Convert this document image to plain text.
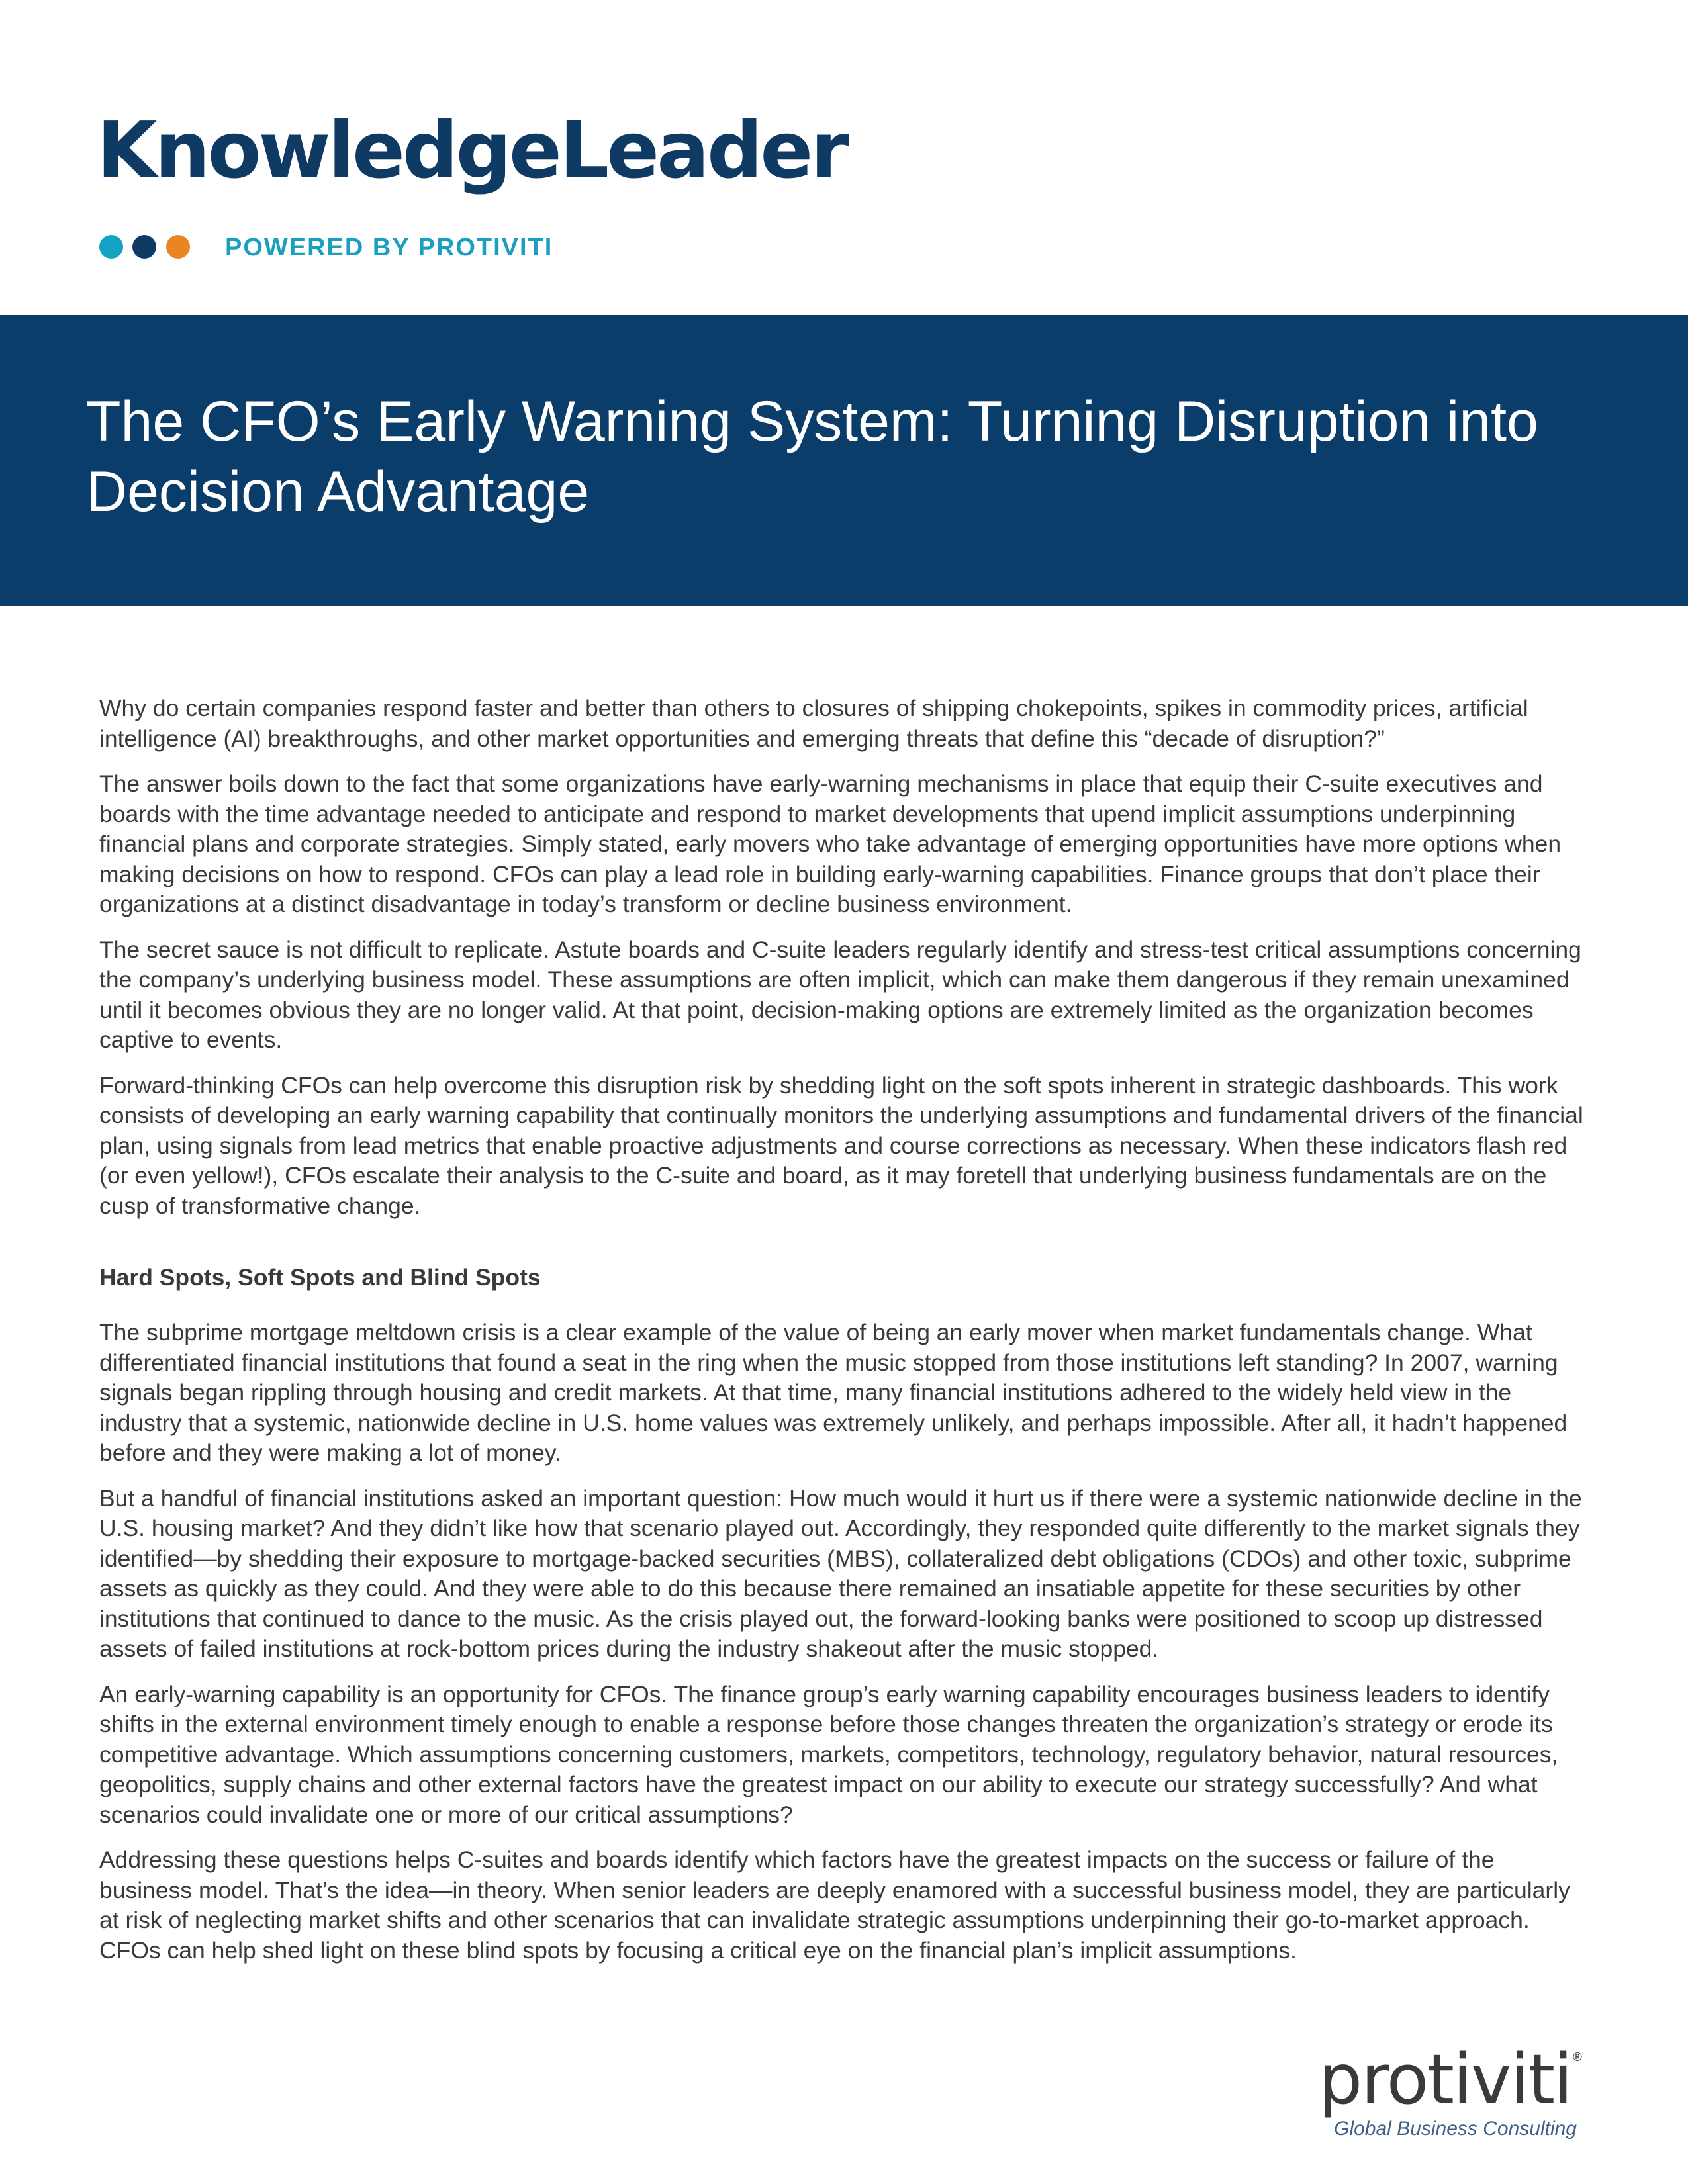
KnowledgeLeader

POWERED BY PROTIVITI
The CFO’s Early Warning System: Turning Disruption into Decision Advantage

Why do certain companies respond faster and better than others to closures of shipping chokepoints, spikes in commodity prices, artificial intelligence (AI) breakthroughs, and other market opportunities and emerging threats that define this “decade of disruption?”

The answer boils down to the fact that some organizations have early-warning mechanisms in place that equip their C-suite executives and boards with the time advantage needed to anticipate and respond to market developments that upend implicit assumptions underpinning financial plans and corporate strategies. Simply stated, early movers who take advantage of emerging opportunities have more options when making decisions on how to respond. CFOs can play a lead role in building early-warning capabilities. Finance groups that don’t place their organizations at a distinct disadvantage in today’s transform or decline business environment.

The secret sauce is not difficult to replicate. Astute boards and C-suite leaders regularly identify and stress-test critical assumptions concerning the company’s underlying business model. These assumptions are often implicit, which can make them dangerous if they remain unexamined until it becomes obvious they are no longer valid. At that point, decision-making options are extremely limited as the organization becomes captive to events.

Forward-thinking CFOs can help overcome this disruption risk by shedding light on the soft spots inherent in strategic dashboards. This work consists of developing an early warning capability that continually monitors the underlying assumptions and fundamental drivers of the financial plan, using signals from lead metrics that enable proactive adjustments and course corrections as necessary. When these indicators flash red (or even yellow!), CFOs escalate their analysis to the C-suite and board, as it may foretell that underlying business fundamentals are on the cusp of transformative change.

Hard Spots, Soft Spots and Blind Spots

The subprime mortgage meltdown crisis is a clear example of the value of being an early mover when market fundamentals change. What differentiated financial institutions that found a seat in the ring when the music stopped from those institutions left standing? In 2007, warning signals began rippling through housing and credit markets. At that time, many financial institutions adhered to the widely held view in the industry that a systemic, nationwide decline in U.S. home values was extremely unlikely, and perhaps impossible. After all, it hadn’t happened before and they were making a lot of money.

But a handful of financial institutions asked an important question: How much would it hurt us if there were a systemic nationwide decline in the U.S. housing market? And they didn’t like how that scenario played out. Accordingly, they responded quite differently to the market signals they identified—by shedding their exposure to mortgage-backed securities (MBS), collateralized debt obligations (CDOs) and other toxic, subprime assets as quickly as they could. And they were able to do this because there remained an insatiable appetite for these securities by other institutions that continued to dance to the music. As the crisis played out, the forward-looking banks were positioned to scoop up distressed assets of failed institutions at rock-bottom prices during the industry shakeout after the music stopped.

An early-warning capability is an opportunity for CFOs. The finance group’s early warning capability encourages business leaders to identify shifts in the external environment timely enough to enable a response before those changes threaten the organization’s strategy or erode its competitive advantage. Which assumptions concerning customers, markets, competitors, technology, regulatory behavior, natural resources, geopolitics, supply chains and other external factors have the greatest impact on our ability to execute our strategy successfully? And what scenarios could invalidate one or more of our critical assumptions?

Addressing these questions helps C-suites and boards identify which factors have the greatest impacts on the success or failure of the business model. That’s the idea—in theory. When senior leaders are deeply enamored with a successful business model, they are particularly at risk of neglecting market shifts and other scenarios that can invalidate strategic assumptions underpinning their go-to-market approach. CFOs can help shed light on these blind spots by focusing a critical eye on the financial plan’s implicit assumptions.

protiviti®
Global Business Consulting
